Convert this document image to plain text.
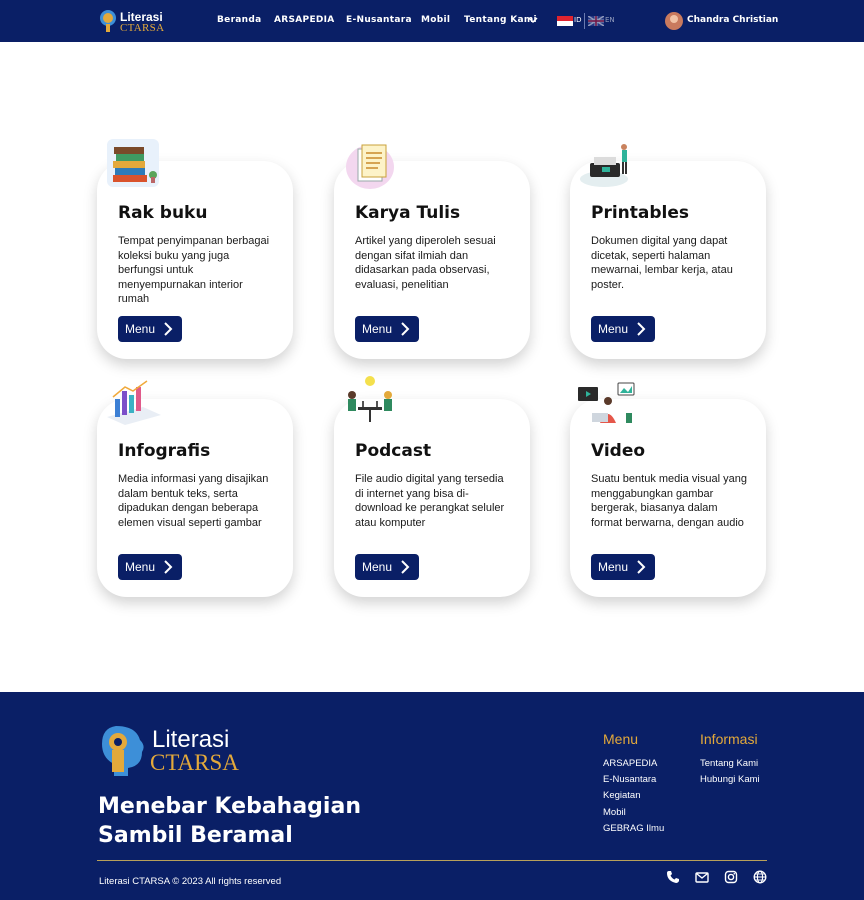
Literasi
CTARSA
Beranda ARSAPEDIA E-Nusantara Mobil Tentang Kami	ID	EN	Chandra Christian
Rak buku

Tempat penyimpanan berbagai koleksi buku yang juga berfungsi untuk menyempurnakan interior rumah

Menu
Karya Tulis

Artikel yang diperoleh sesuai dengan sifat ilmiah dan didasarkan pada observasi, evaluasi, penelitian

Menu
Printables

Dokumen digital yang dapat dicetak, seperti halaman mewarnai, lembar kerja, atau poster.

Menu
Infografis

Media informasi yang disajikan dalam bentuk teks, serta dipadukan dengan beberapa elemen visual seperti gambar

Menu
Podcast

File audio digital yang tersedia di internet yang bisa di-download ke perangkat seluler atau komputer

Menu
Video

Suatu bentuk media visual yang menggabungkan gambar bergerak, biasanya dalam format berwarna, dengan audio

Menu
Literasi
CTARSA
Menebar Kebahagian
Sambil Beramal
Menu
ARSAPEDIA
E-Nusantara
Kegiatan
Mobil
GEBRAG Ilmu
Informasi
Tentang Kami
Hubungi Kami
Literasi CTARSA © 2023 All rights reserved
